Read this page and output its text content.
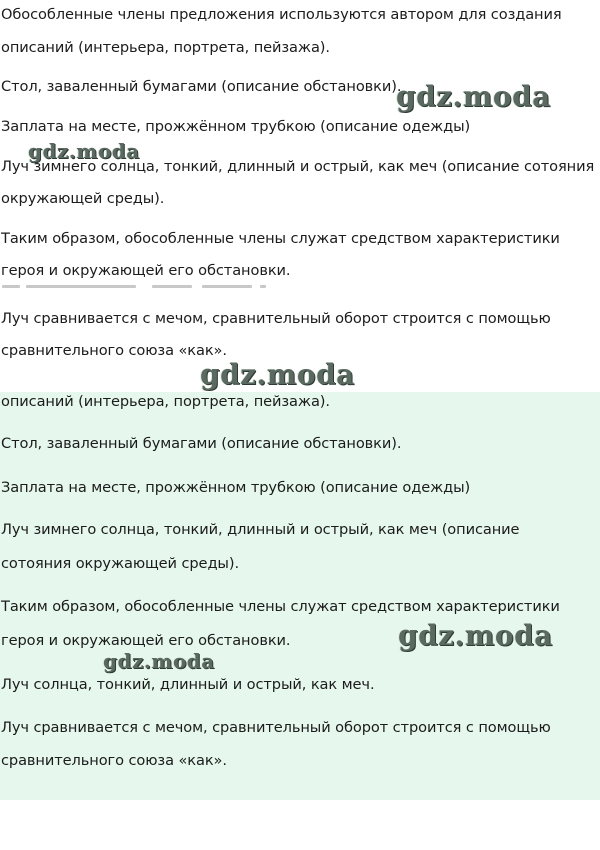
Обособленные члены предложения используются автором для создания
описаний (интерьера, портрета, пейзажа).
Стол, заваленный бумагами (описание обстановки).
Заплата на месте, прожжённом трубкою (описание одежды)
Луч зимнего солнца, тонкий, длинный и острый, как меч (описание сотояния
окружающей среды).
Таким образом, обособленные члены служат средством характеристики
героя и окружающей его обстановки.
Луч сравнивается с мечом, сравнительный оборот строится с помощью
сравнительного союза «как».
описаний (интерьера, портрета, пейзажа).
Стол, заваленный бумагами (описание обстановки).
Заплата на месте, прожжённом трубкою (описание одежды)
Луч зимнего солнца, тонкий, длинный и острый, как меч (описание
сотояния окружающей среды).
Таким образом, обособленные члены служат средством характеристики
героя и окружающей его обстановки.
Луч солнца, тонкий, длинный и острый, как меч.
Луч сравнивается с мечом, сравнительный оборот строится с помощью
сравнительного союза «как».
gdz.moda
gdz.moda
gdz.moda
gdz.moda
gdz.moda
